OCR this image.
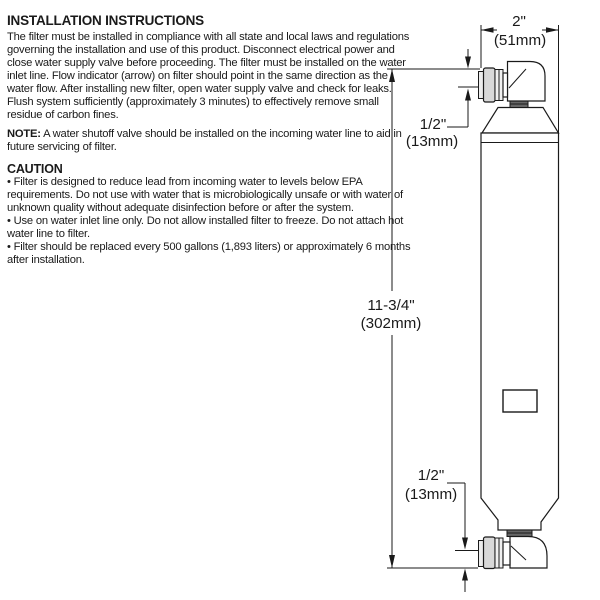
INSTALLATION INSTRUCTIONS

The filter must be installed in compliance with all state and local laws and regulations governing the installation and use of this product. Disconnect electrical power and close water supply valve before proceeding. The filter must be installed on the water inlet line. Flow indicator (arrow) on filter should point in the same direction as the water flow. After installing new filter, open water supply valve and check for leaks. Flush system sufficiently (approximately 3 minutes) to effectively remove small residue of carbon fines.

NOTE: A water shutoff valve should be installed on the incoming water line to aid in future servicing of filter.

CAUTION
• Filter is designed to reduce lead from incoming water to levels below EPA requirements. Do not use with water that is microbiologically unsafe or with water of unknown quality without adequate disinfection before or after the system.
• Use on water inlet line only. Do not allow installed filter to freeze. Do not attach hot water line to filter.
• Filter should be replaced every 500 gallons (1,893 liters) or approximately 6 months after installation.
2"
(51mm)
11-3/4"
(302mm)
1/2"
(13mm)
1/2"
(13mm)
